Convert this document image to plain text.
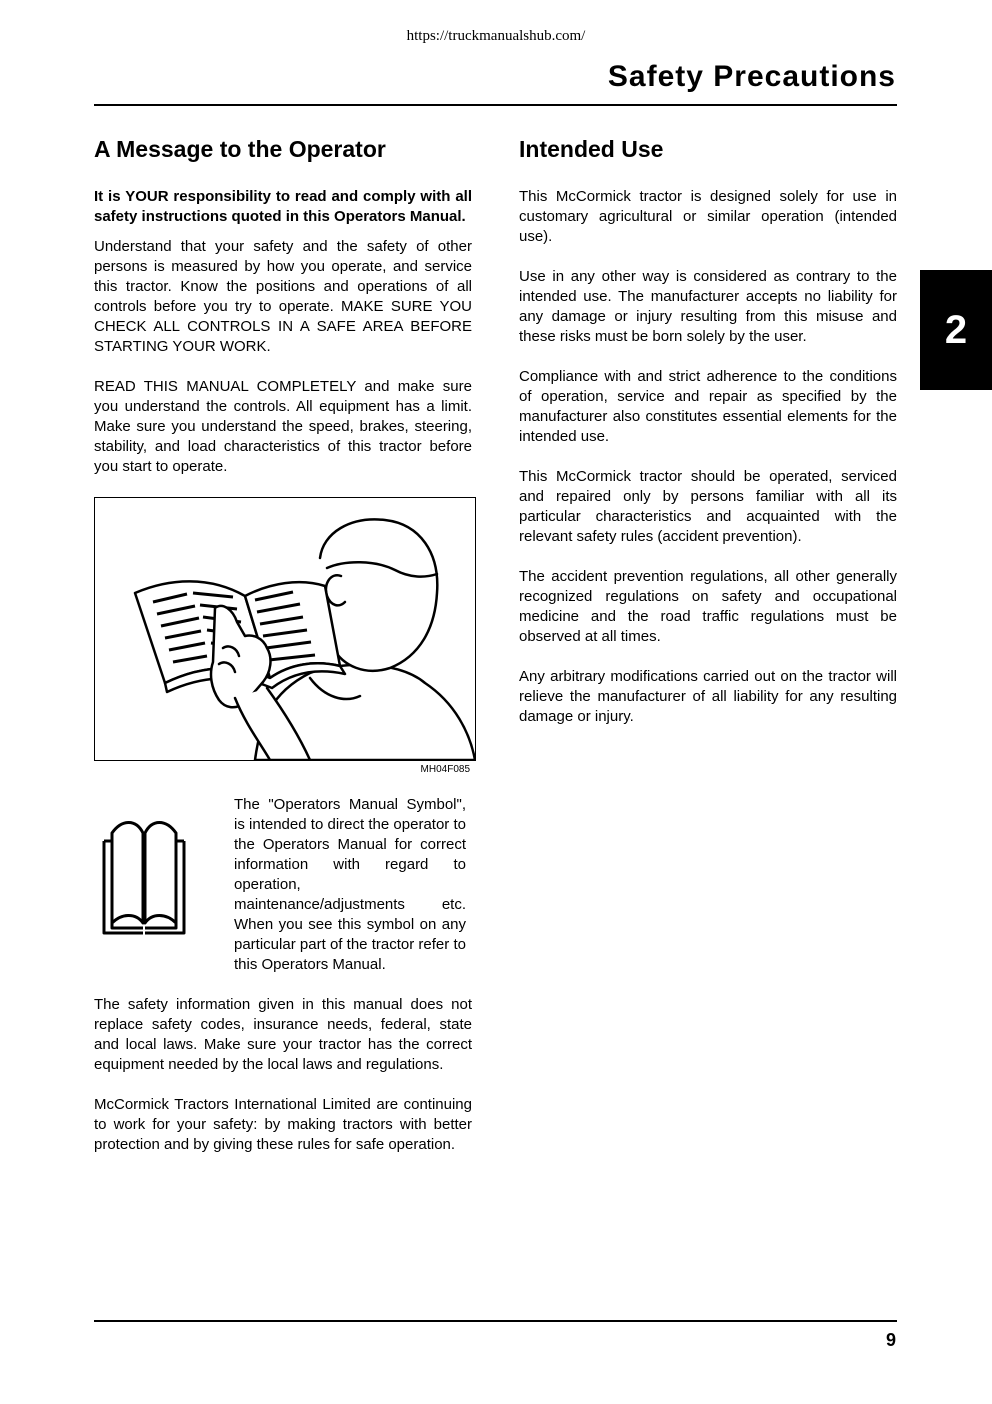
https://truckmanualshub.com/
Safety Precautions
2
A Message to the Operator

It is YOUR responsibility to read and comply with all safety instructions quoted in this Operators Manual.

Understand that your safety and the safety of other persons is measured by how you operate, and service this tractor. Know the positions and operations of all controls before you try to operate. MAKE SURE YOU CHECK ALL CONTROLS IN A SAFE AREA BEFORE STARTING YOUR WORK.

READ THIS MANUAL COMPLETELY and make sure you understand the controls. All equipment has a limit. Make sure you understand the speed, brakes, steering, stability, and load characteristics of this tractor before you start to operate.

MH04F085
The "Operators Manual Symbol", is intended to direct the operator to the Operators Manual for correct information with regard to operation, maintenance/adjustments etc. When you see this symbol on any particular part of the tractor refer to this Operators Manual.

The safety information given in this manual does not replace safety codes, insurance needs, federal, state and local laws. Make sure your tractor has the correct equipment needed by the local laws and regulations.

McCormick Tractors International Limited are continuing to work for your safety: by making tractors with better protection and by giving these rules for safe operation.

Intended Use

This McCormick tractor is designed solely for use in customary agricultural or similar operation (intended use).

Use in any other way is considered as contrary to the intended use. The manufacturer accepts no liability for any damage or injury resulting from this misuse and these risks must be born solely by the user.

Compliance with and strict adherence to the conditions of operation, service and repair as specified by the manufacturer also constitutes essential elements for the intended use.

This McCormick tractor should be operated, serviced and repaired only by persons familiar with all its particular characteristics and acquainted with the relevant safety rules (accident prevention).

The accident prevention regulations, all other generally recognized regulations on safety and occupational medicine and the road traffic regulations must be observed at all times.

Any arbitrary modifications carried out on the tractor will relieve the manufacturer of all liability for any resulting damage or injury.

9
